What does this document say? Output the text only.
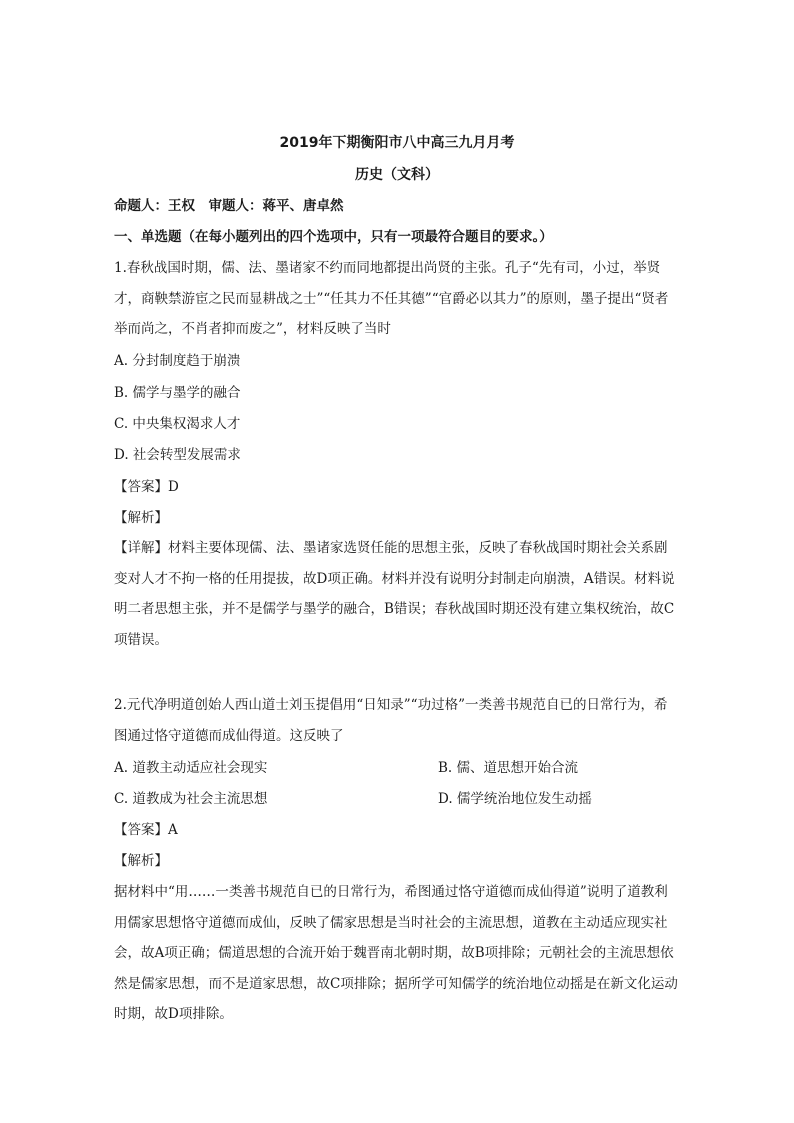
2019年下期衡阳市八中高三九月月考
历史（文科）
命题人：王权　审题人：蒋平、唐卓然
一、单选题（在每小题列出的四个选项中，只有一项最符合题目的要求。）
1.春秋战国时期，儒、法、墨诸家不约而同地都提出尚贤的主张。孔子“先有司，小过，举贤才，商鞅禁游宦之民而显耕战之士”“任其力不任其德”“官爵必以其力”的原则，墨子提出“贤者举而尚之，不肖者抑而废之”，材料反映了当时
A. 分封制度趋于崩溃
B. 儒学与墨学的融合
C. 中央集权渴求人才
D. 社会转型发展需求
【答案】D
【解析】
【详解】材料主要体现儒、法、墨诸家选贤任能的思想主张，反映了春秋战国时期社会关系剧变对人才不拘一格的任用提拔，故D项正确。材料并没有说明分封制走向崩溃，A错误。材料说明二者思想主张，并不是儒学与墨学的融合，B错误；春秋战国时期还没有建立集权统治，故C项错误。
2.元代净明道创始人西山道士刘玉提倡用“日知录”“功过格”一类善书规范自已的日常行为，希图通过恪守道德而成仙得道。这反映了
A. 道教主动适应社会现实	B. 儒、道思想开始合流
C. 道教成为社会主流思想	D. 儒学统治地位发生动摇
【答案】A
【解析】
据材料中“用……一类善书规范自已的日常行为，希图通过恪守道德而成仙得道”说明了道教利用儒家思想恪守道德而成仙，反映了儒家思想是当时社会的主流思想，道教在主动适应现实社会，故A项正确；儒道思想的合流开始于魏晋南北朝时期，故B项排除；元朝社会的主流思想依然是儒家思想，而不是道家思想，故C项排除；据所学可知儒学的统治地位动摇是在新文化运动时期，故D项排除。
